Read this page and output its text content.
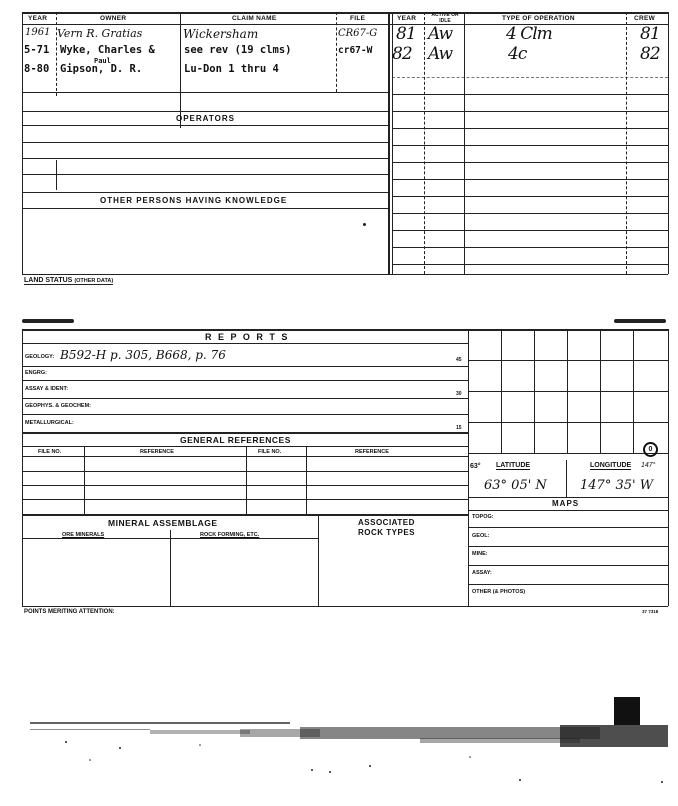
YEAR	OWNER	CLAIM NAME	FILE	YEAR	ACTIVE OR IDLE	TYPE OF OPERATION	CREW
1961 Vern R. Gratias	Wickersham	CR67-G
5-71 Wyke, Charles &	see rev (19 clms)	cr67-W
Paul
8-80 Gipson, D. R.	Lu-Don 1 thru 4
81 Aw	4 Clm	81
82 Aw	4c	82
OPERATORS
OTHER PERSONS HAVING KNOWLEDGE
LAND STATUS (OTHER DATA)
R E P O R T S
GEOLOGY: B592-H p. 305, B668, p. 76	45
ENGRG:
ASSAY & IDENT:
30
GEOPHYS. & GEOCHEM:
METALLURGICAL:
15
GENERAL REFERENCES
FILE NO.	REFERENCE	FILE NO.	REFERENCE	0
63° LATITUDE	LONGITUDE 147°
63° 05' N	147° 35' W
MAPS
TOPOG:
GEOL:
MINE:
ASSAY:
OTHER (& PHOTOS)
MINERAL ASSEMBLAGE
ORE MINERALS	ROCK FORMING, ETC.
ASSOCIATED
ROCK TYPES
POINTS MERITING ATTENTION:	37 7318
